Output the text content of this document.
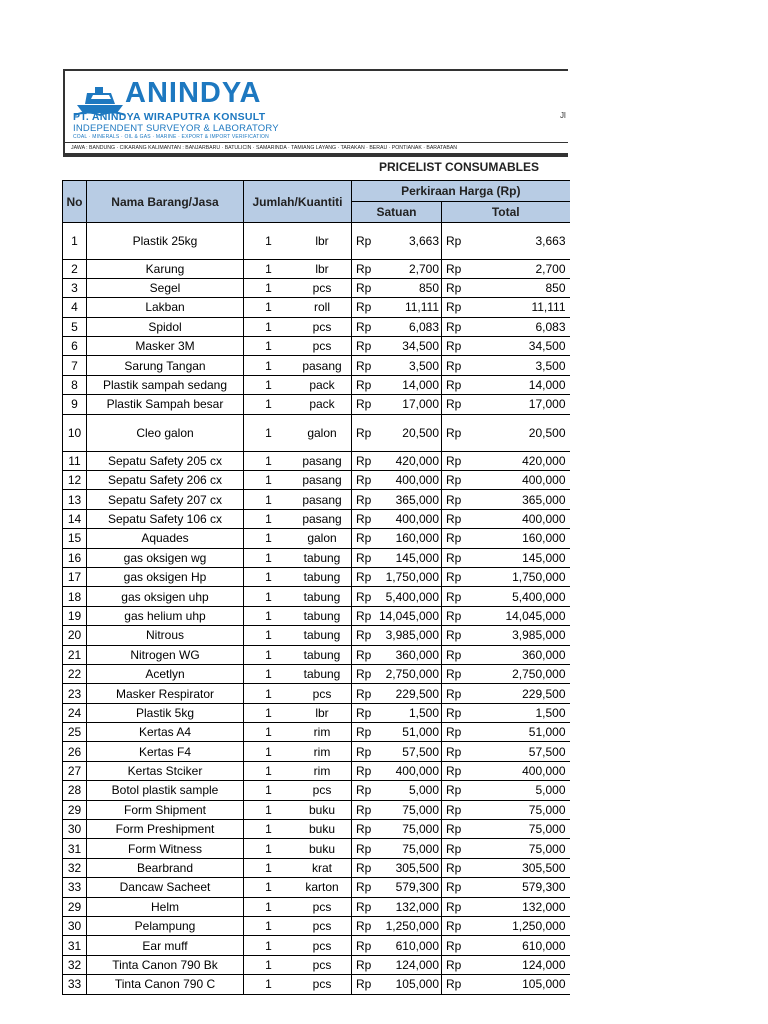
ANINDYA
PT. ANINDYA WIRAPUTRA KONSULT
INDEPENDENT SURVEYOR & LABORATORY
COAL · MINERALS · OIL & GAS · MARINE · EXPORT & IMPORT VERIFICATION
Jl
JAWA : BANDUNG · CIKARANG KALIMANTAN : BANJARBARU · BATULICIN · SAMARINDA · TAMIANG LAYANG · TARAKAN · BERAU · PONTIANAK · BARATABAN
PRICELIST CONSUMABLES
No	Nama Barang/Jasa	Jumlah/Kuantiti		Perkiraan Harga (Rp)			
				Satuan		Total	
1	Plastik 25kg	1	lbr	Rp	3,663	Rp	3,663
2	Karung	1	lbr	Rp	2,700	Rp	2,700
3	Segel	1	pcs	Rp	850	Rp	850
4	Lakban	1	roll	Rp	11,111	Rp	11,111
5	Spidol	1	pcs	Rp	6,083	Rp	6,083
6	Masker 3M	1	pcs	Rp	34,500	Rp	34,500
7	Sarung Tangan	1	pasang	Rp	3,500	Rp	3,500
8	Plastik sampah sedang	1	pack	Rp	14,000	Rp	14,000
9	Plastik Sampah besar	1	pack	Rp	17,000	Rp	17,000
10	Cleo galon	1	galon	Rp	20,500	Rp	20,500
11	Sepatu Safety 205 cx	1	pasang	Rp	420,000	Rp	420,000
12	Sepatu Safety 206 cx	1	pasang	Rp	400,000	Rp	400,000
13	Sepatu Safety 207 cx	1	pasang	Rp	365,000	Rp	365,000
14	Sepatu Safety 106 cx	1	pasang	Rp	400,000	Rp	400,000
15	Aquades	1	galon	Rp	160,000	Rp	160,000
16	gas oksigen wg	1	tabung	Rp	145,000	Rp	145,000
17	gas oksigen Hp	1	tabung	Rp	1,750,000	Rp	1,750,000
18	gas oksigen uhp	1	tabung	Rp	5,400,000	Rp	5,400,000
19	gas helium uhp	1	tabung	Rp	14,045,000	Rp	14,045,000
20	Nitrous	1	tabung	Rp	3,985,000	Rp	3,985,000
21	Nitrogen WG	1	tabung	Rp	360,000	Rp	360,000
22	Acetlyn	1	tabung	Rp	2,750,000	Rp	2,750,000
23	Masker Respirator	1	pcs	Rp	229,500	Rp	229,500
24	Plastik 5kg	1	lbr	Rp	1,500	Rp	1,500
25	Kertas A4	1	rim	Rp	51,000	Rp	51,000
26	Kertas F4	1	rim	Rp	57,500	Rp	57,500
27	Kertas Stciker	1	rim	Rp	400,000	Rp	400,000
28	Botol plastik sample	1	pcs	Rp	5,000	Rp	5,000
29	Form Shipment	1	buku	Rp	75,000	Rp	75,000
30	Form Preshipment	1	buku	Rp	75,000	Rp	75,000
31	Form Witness	1	buku	Rp	75,000	Rp	75,000
32	Bearbrand	1	krat	Rp	305,500	Rp	305,500
33	Dancaw Sacheet	1	karton	Rp	579,300	Rp	579,300
29	Helm	1	pcs	Rp	132,000	Rp	132,000
30	Pelampung	1	pcs	Rp	1,250,000	Rp	1,250,000
31	Ear muff	1	pcs	Rp	610,000	Rp	610,000
32	Tinta Canon 790 Bk	1	pcs	Rp	124,000	Rp	124,000
33	Tinta Canon 790 C	1	pcs	Rp	105,000	Rp	105,000
